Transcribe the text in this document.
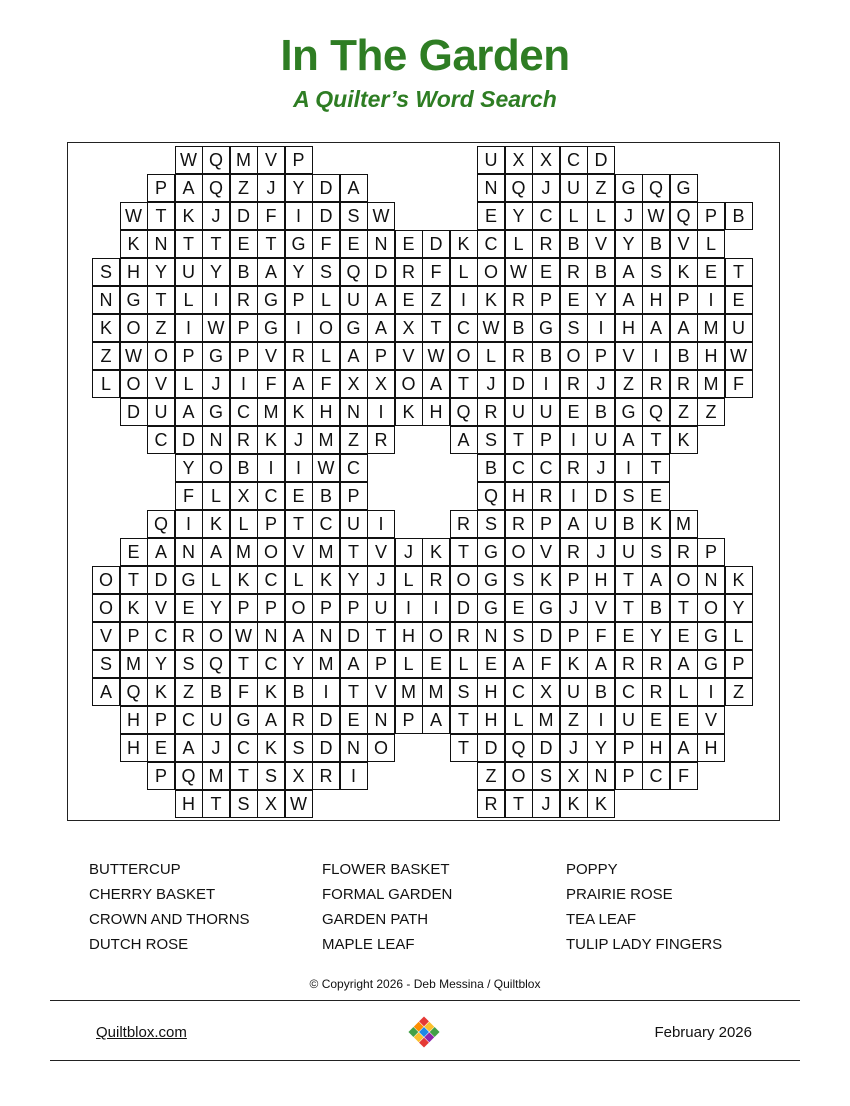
In The Garden
A Quilter’s Word Search
W Q M V P	U X X C D
P A Q Z J Y D A	N Q J U Z G Q G
W T K J D F	I	D S W	E Y C L L	J W Q P B
K N T T E T G F E N E D K C L R B V Y B V L
S H Y U Y B A Y S Q D R F L O W E R B A S K E T
N G T L	I	R G P L U A E Z	I	K R P E Y A H P	I	E
K O Z	I W P G I O G A X T C W B G S	I	H A A M U
Z W O P G P V R L A P V W O L R B O P V	I	B H W
L O V L	J	I	F A F X X O A T J D	I	R J Z R R M F
D U A G C M K H N	I	K H Q R U U E B G Q Z Z
C D N R K J M Z R	A S T P	I	U A T K
Y O B	I	I W C	B C C R J	I	T
F L X C E B P	Q H R	I	D S E
Q I	K L P T C U	I	R S R P A U B K M
E A N A M O V M T V J K T G O V R J U S R P
O T D G L K C L K Y J L R O G S K P H T A O N K
O K V E Y P P O P P U	I	I	D G E G J V T B T O Y
V P C R O W N A N D T H O R N S D P F E Y E G L
S M Y S Q T C Y M A P L E L E A F K A R R A G P
A Q K Z B F K B	I	T V M M S H C X U B C R L	I	Z
H P C U G A R D E N P A T H L M Z	I	U E E V
H E A J C K S D N O	T D Q D J Y P H A H
P Q M T S X R	I	Z O S X N P C F
H T S X W	R T J K K
BUTTERCUP
CHERRY BASKET
CROWN AND THORNS
DUTCH ROSE
FLOWER BASKET
FORMAL GARDEN
GARDEN PATH
MAPLE LEAF
POPPY
PRAIRIE ROSE
TEA LEAF
TULIP LADY FINGERS
© Copyright 2026 - Deb Messina / Quiltblox
Quiltblox.com	February 2026
